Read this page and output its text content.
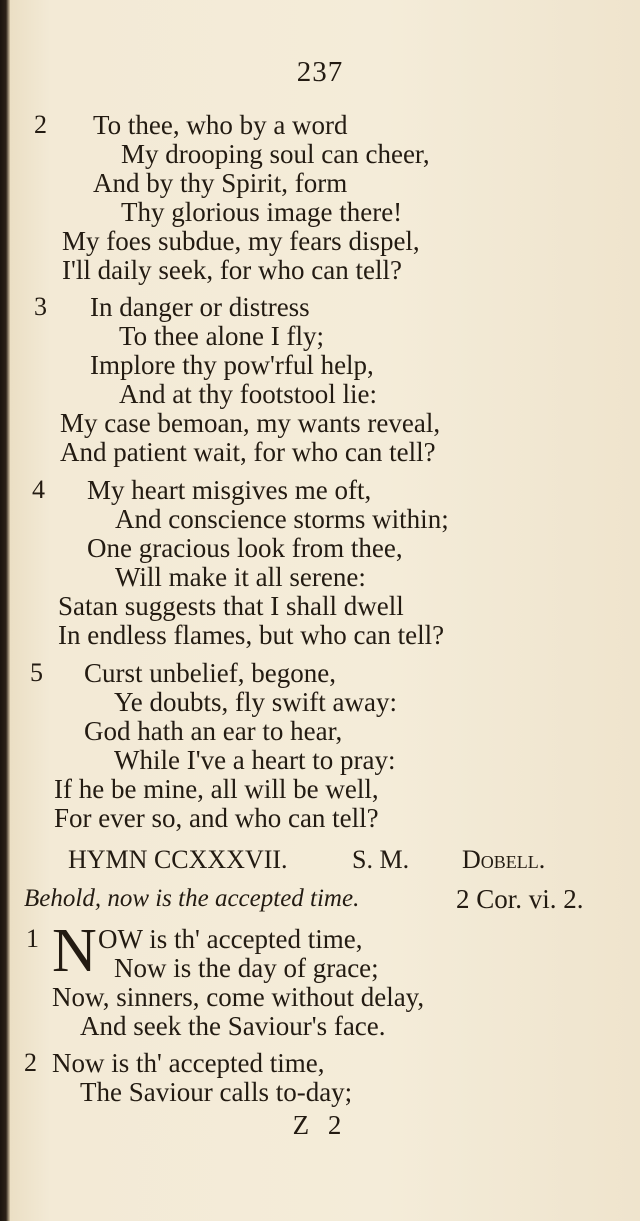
237
2 To thee, who by a word
My drooping soul can cheer,
And by thy Spirit, form
Thy glorious image there!
My foes subdue, my fears dispel,
I'll daily seek, for who can tell?
3 In danger or distress
To thee alone I fly;
Implore thy pow'rful help,
And at thy footstool lie:
My case bemoan, my wants reveal,
And patient wait, for who can tell?
4 My heart misgives me oft,
And conscience storms within;
One gracious look from thee,
Will make it all serene:
Satan suggests that I shall dwell
In endless flames, but who can tell?
5 Curst unbelief, begone,
Ye doubts, fly swift away:
God hath an ear to hear,
While I've a heart to pray:
If he be mine, all will be well,
For ever so, and who can tell?
HYMN CCXXXVII. S. M. Dobell.
Behold, now is the accepted time.	2 Cor. vi. 2.
1 N OW is th' accepted time,
Now is the day of grace;
Now, sinners, come without delay,
And seek the Saviour's face.
2 Now is th' accepted time,
The Saviour calls to-day;
Z 2
